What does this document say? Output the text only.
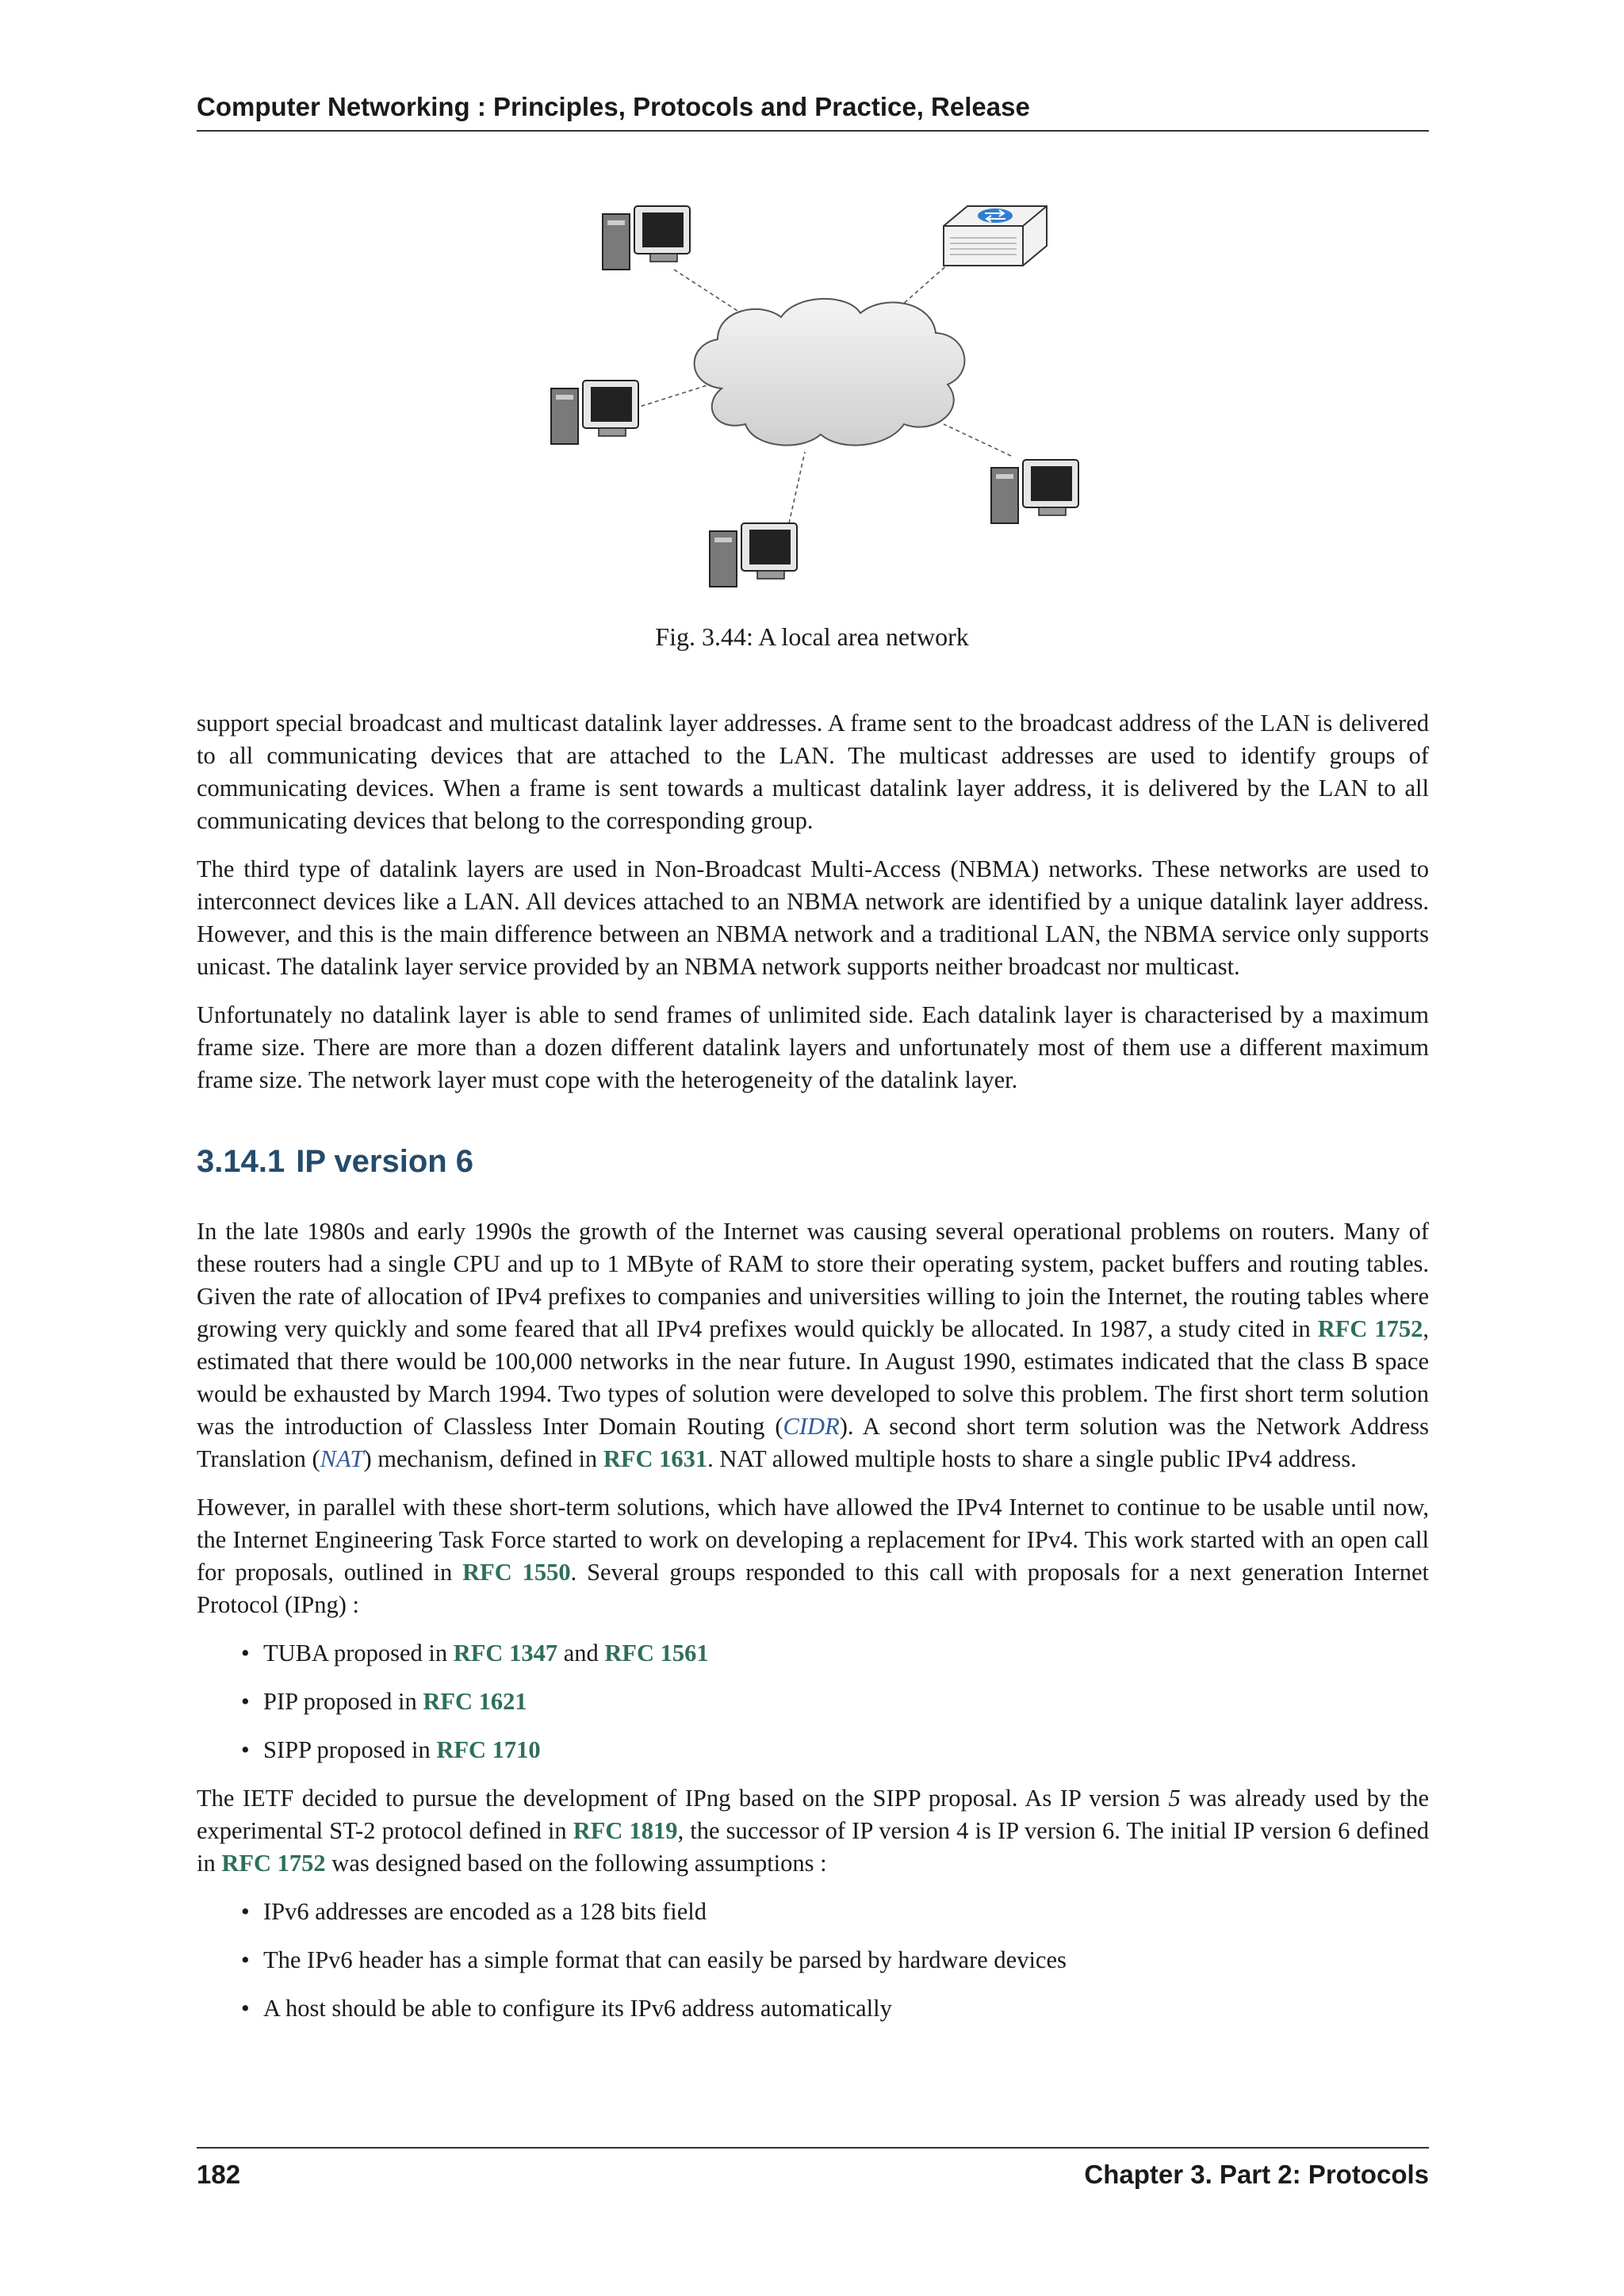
Computer Networking : Principles, Protocols and Practice, Release
Fig. 3.44: A local area network

support special broadcast and multicast datalink layer addresses. A frame sent to the broadcast address of the LAN is delivered to all communicating devices that are attached to the LAN. The multicast addresses are used to identify groups of communicating devices. When a frame is sent towards a multicast datalink layer address, it is delivered by the LAN to all communicating devices that belong to the corresponding group.

The third type of datalink layers are used in Non-Broadcast Multi-Access (NBMA) networks. These networks are used to interconnect devices like a LAN. All devices attached to an NBMA network are identified by a unique datalink layer address. However, and this is the main difference between an NBMA network and a traditional LAN, the NBMA service only supports unicast. The datalink layer service provided by an NBMA network supports neither broadcast nor multicast.

Unfortunately no datalink layer is able to send frames of unlimited side. Each datalink layer is characterised by a maximum frame size. There are more than a dozen different datalink layers and unfortunately most of them use a different maximum frame size. The network layer must cope with the heterogeneity of the datalink layer.

3.14.1 IP version 6

In the late 1980s and early 1990s the growth of the Internet was causing several operational problems on routers. Many of these routers had a single CPU and up to 1 MByte of RAM to store their operating system, packet buffers and routing tables. Given the rate of allocation of IPv4 prefixes to companies and universities willing to join the Internet, the routing tables where growing very quickly and some feared that all IPv4 prefixes would quickly be allocated. In 1987, a study cited in RFC 1752, estimated that there would be 100,000 networks in the near future. In August 1990, estimates indicated that the class B space would be exhausted by March 1994. Two types of solution were developed to solve this problem. The first short term solution was the introduction of Classless Inter Domain Routing (CIDR). A second short term solution was the Network Address Translation (NAT) mechanism, defined in RFC 1631. NAT allowed multiple hosts to share a single public IPv4 address.

However, in parallel with these short-term solutions, which have allowed the IPv4 Internet to continue to be usable until now, the Internet Engineering Task Force started to work on developing a replacement for IPv4. This work started with an open call for proposals, outlined in RFC 1550. Several groups responded to this call with proposals for a next generation Internet Protocol (IPng) :

• TUBA proposed in RFC 1347 and RFC 1561
• PIP proposed in RFC 1621
• SIPP proposed in RFC 1710

The IETF decided to pursue the development of IPng based on the SIPP proposal. As IP version 5 was already used by the experimental ST-2 protocol defined in RFC 1819, the successor of IP version 4 is IP version 6. The initial IP version 6 defined in RFC 1752 was designed based on the following assumptions :

• IPv6 addresses are encoded as a 128 bits field
• The IPv6 header has a simple format that can easily be parsed by hardware devices
• A host should be able to configure its IPv6 address automatically
182	Chapter 3. Part 2: Protocols
